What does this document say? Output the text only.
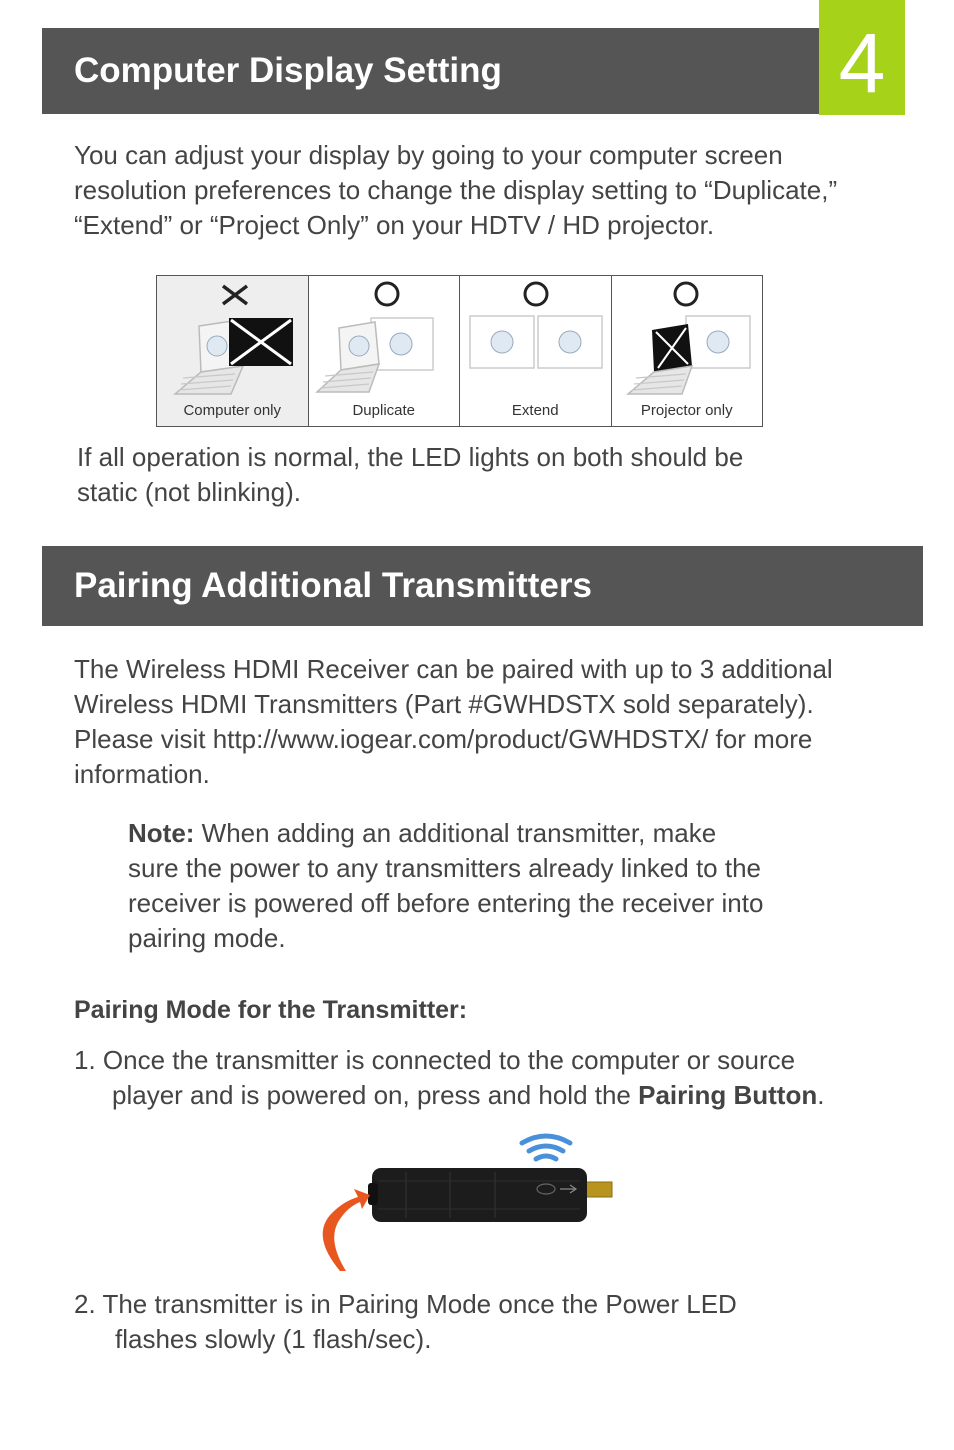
Computer Display Setting	4

You can adjust your display by going to your computer screen
resolution preferences to change the display setting to “Duplicate,”
“Extend” or “Project Only” on your HDTV / HD projector.

Computer only	Duplicate	Extend	Projector only

If all operation is normal, the LED lights on both should be
static (not blinking).

Pairing Additional Transmitters

The Wireless HDMI Receiver can be paired with up to 3 additional
Wireless HDMI Transmitters (Part #GWHDSTX sold separately).
Please visit http://www.iogear.com/product/GWHDSTX/ for more
information.

Note: When adding an additional transmitter, make
sure the power to any transmitters already linked to the
receiver is powered off before entering the receiver into
pairing mode.

Pairing Mode for the Transmitter:

1. Once the transmitter is connected to the computer or source
player and is powered on, press and hold the Pairing Button.

2. The transmitter is in Pairing Mode once the Power LED
flashes slowly (1 flash/sec).
